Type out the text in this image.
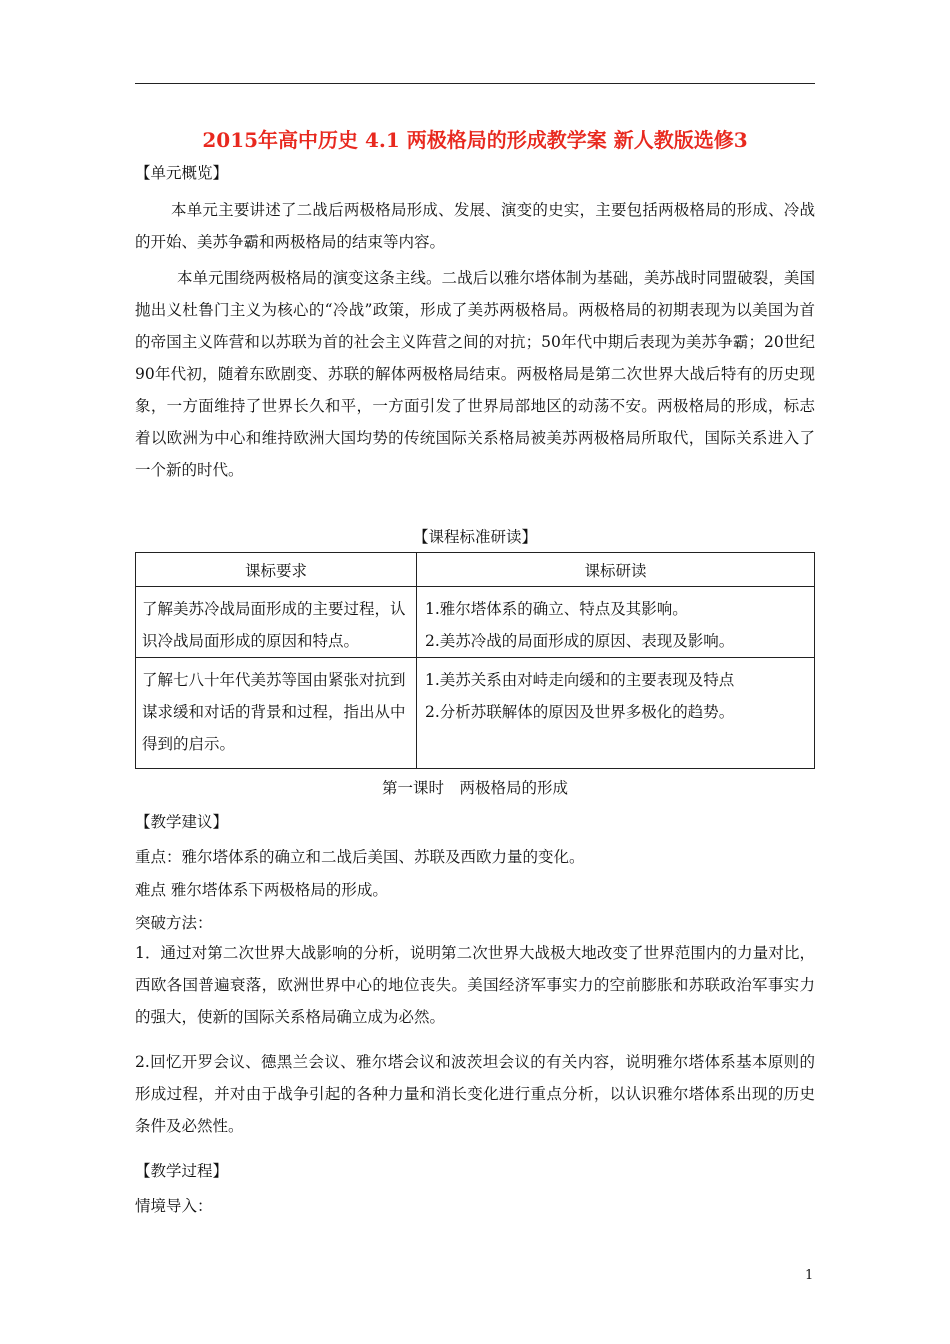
2015年高中历史 4.1 两极格局的形成教学案 新人教版选修3
【单元概览】
本单元主要讲述了二战后两极格局形成、发展、演变的史实，主要包括两极格局的形成、冷战的开始、美苏争霸和两极格局的结束等内容。
本单元围绕两极格局的演变这条主线。二战后以雅尔塔体制为基础，美苏战时同盟破裂，美国抛出义杜鲁门主义为核心的“冷战”政策，形成了美苏两极格局。两极格局的初期表现为以美国为首的帝国主义阵营和以苏联为首的社会主义阵营之间的对抗；50年代中期后表现为美苏争霸；20世纪90年代初，随着东欧剧变、苏联的解体两极格局结束。两极格局是第二次世界大战后特有的历史现象，一方面维持了世界长久和平，一方面引发了世界局部地区的动荡不安。两极格局的形成，标志着以欧洲为中心和维持欧洲大国均势的传统国际关系格局被美苏两极格局所取代，国际关系进入了一个新的时代。
【课程标准研读】
课标要求	课标研读

了解美苏冷战局面形成的主要过程，认识冷战局面形成的原因和特点。	1.雅尔塔体系的确立、特点及其影响。
2.美苏冷战的局面形成的原因、表现及影响。

了解七八十年代美苏等国由紧张对抗到谋求缓和对话的背景和过程，指出从中得到的启示。	1.美苏关系由对峙走向缓和的主要表现及特点
2.分析苏联解体的原因及世界多极化的趋势。
第一课时　两极格局的形成
【教学建议】
重点：雅尔塔体系的确立和二战后美国、苏联及西欧力量的变化。
难点 雅尔塔体系下两极格局的形成。
突破方法：
1．通过对第二次世界大战影响的分析，说明第二次世界大战极大地改变了世界范围内的力量对比，西欧各国普遍衰落，欧洲世界中心的地位丧失。美国经济军事实力的空前膨胀和苏联政治军事实力的强大，使新的国际关系格局确立成为必然。
2.回忆开罗会议、德黑兰会议、雅尔塔会议和波茨坦会议的有关内容，说明雅尔塔体系基本原则的形成过程，并对由于战争引起的各种力量和消长变化进行重点分析，以认识雅尔塔体系出现的历史条件及必然性。
【教学过程】
情境导入：
1
